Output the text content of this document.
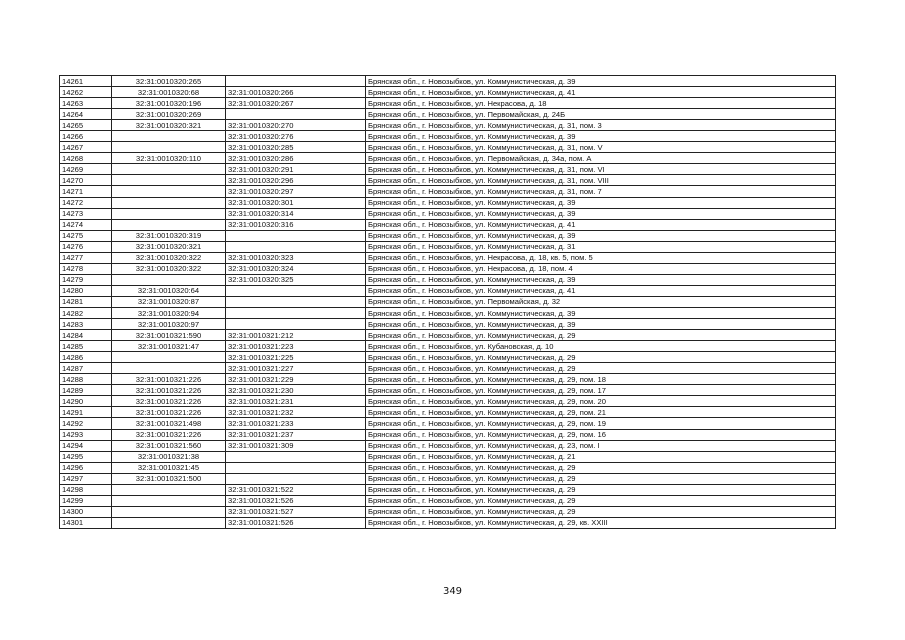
14261	32:31:0010320:265		Брянская обл., г. Новозыбков, ул. Коммунистическая, д. 39
14262	32:31:0010320:68	32:31:0010320:266	Брянская обл., г. Новозыбков, ул. Коммунистическая, д. 41
14263	32:31:0010320:196	32:31:0010320:267	Брянская обл., г. Новозыбков, ул. Некрасова, д. 18
14264	32:31:0010320:269		Брянская обл., г. Новозыбков, ул. Первомайская, д. 24Б
14265	32:31:0010320:321	32:31:0010320:270	Брянская обл., г. Новозыбков, ул. Коммунистическая, д. 31, пом. 3
14266		32:31:0010320:276	Брянская обл., г. Новозыбков, ул. Коммунистическая, д. 39
14267		32:31:0010320:285	Брянская обл., г. Новозыбков, ул. Коммунистическая, д. 31, пом. V
14268	32:31:0010320:110	32:31:0010320:286	Брянская обл., г. Новозыбков, ул. Первомайская, д. 34а, пом. А
14269		32:31:0010320:291	Брянская обл., г. Новозыбков, ул. Коммунистическая, д. 31, пом. VI
14270		32:31:0010320:296	Брянская обл., г. Новозыбков, ул. Коммунистическая, д. 31, пом. VIII
14271		32:31:0010320:297	Брянская обл., г. Новозыбков, ул. Коммунистическая, д. 31, пом. 7
14272		32:31:0010320:301	Брянская обл., г. Новозыбков, ул. Коммунистическая, д. 39
14273		32:31:0010320:314	Брянская обл., г. Новозыбков, ул. Коммунистическая, д. 39
14274		32:31:0010320:316	Брянская обл., г. Новозыбков, ул. Коммунистическая, д. 41
14275	32:31:0010320:319		Брянская обл., г. Новозыбков, ул. Коммунистическая, д. 39
14276	32:31:0010320:321		Брянская обл., г. Новозыбков, ул. Коммунистическая, д. 31
14277	32:31:0010320:322	32:31:0010320:323	Брянская обл., г. Новозыбков, ул. Некрасова, д. 18, кв. 5, пом. 5
14278	32:31:0010320:322	32:31:0010320:324	Брянская обл., г. Новозыбков, ул. Некрасова, д. 18, пом. 4
14279		32:31:0010320:325	Брянская обл., г. Новозыбков, ул. Коммунистическая, д. 39
14280	32:31:0010320:64		Брянская обл., г. Новозыбков, ул. Коммунистическая, д. 41
14281	32:31:0010320:87		Брянская обл., г. Новозыбков, ул. Первомайская, д. 32
14282	32:31:0010320:94		Брянская обл., г. Новозыбков, ул. Коммунистическая, д. 39
14283	32:31:0010320:97		Брянская обл., г. Новозыбков, ул. Коммунистическая, д. 39
14284	32:31:0010321:590	32:31:0010321:212	Брянская обл., г. Новозыбков, ул. Коммунистическая, д. 29
14285	32:31:0010321:47	32:31:0010321:223	Брянская обл., г. Новозыбков, ул. Кубановская, д. 10
14286		32:31:0010321:225	Брянская обл., г. Новозыбков, ул. Коммунистическая, д. 29
14287		32:31:0010321:227	Брянская обл., г. Новозыбков, ул. Коммунистическая, д. 29
14288	32:31:0010321:226	32:31:0010321:229	Брянская обл., г. Новозыбков, ул. Коммунистическая, д. 29, пом. 18
14289	32:31:0010321:226	32:31:0010321:230	Брянская обл., г. Новозыбков, ул. Коммунистическая, д. 29, пом. 17
14290	32:31:0010321:226	32:31:0010321:231	Брянская обл., г. Новозыбков, ул. Коммунистическая, д. 29, пом. 20
14291	32:31:0010321:226	32:31:0010321:232	Брянская обл., г. Новозыбков, ул. Коммунистическая, д. 29, пом. 21
14292	32:31:0010321:498	32:31:0010321:233	Брянская обл., г. Новозыбков, ул. Коммунистическая, д. 29, пом. 19
14293	32:31:0010321:226	32:31:0010321:237	Брянская обл., г. Новозыбков, ул. Коммунистическая, д. 29, пом. 16
14294	32:31:0010321:560	32:31:0010321:309	Брянская обл., г. Новозыбков, ул. Коммунистическая, д. 23, пом. I
14295	32:31:0010321:38		Брянская обл., г. Новозыбков, ул. Коммунистическая, д. 21
14296	32:31:0010321:45		Брянская обл., г. Новозыбков, ул. Коммунистическая, д. 29
14297	32:31:0010321:500		Брянская обл., г. Новозыбков, ул. Коммунистическая, д. 29
14298		32:31:0010321:522	Брянская обл., г. Новозыбков, ул. Коммунистическая, д. 29
14299		32:31:0010321:526	Брянская обл., г. Новозыбков, ул. Коммунистическая, д. 29
14300		32:31:0010321:527	Брянская обл., г. Новозыбков, ул. Коммунистическая, д. 29
14301		32:31:0010321:526	Брянская обл., г. Новозыбков, ул. Коммунистическая, д. 29, кв. XXIII
349
